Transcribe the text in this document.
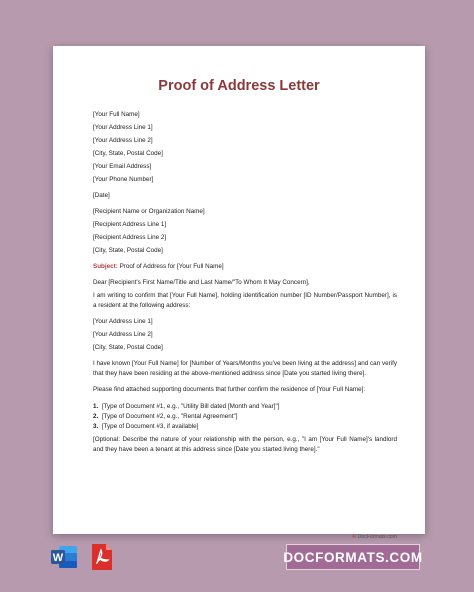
Proof of Address Letter
[Your Full Name]
[Your Address Line 1]
[Your Address Line 2]
[City, State, Postal Code]
[Your Email Address]
[Your Phone Number]
[Date]
[Recipient Name or Organization Name]
[Recipient Address Line 1]
[Recipient Address Line 2]
[City, State, Postal Code]
Subject: Proof of Address for [Your Full Name]
Dear [Recipient's First Name/Title and Last Name/"To Whom It May Concern],
I am writing to confirm that [Your Full Name], holding identification number [ID Number/Passport Number], is a resident at the following address:
[Your Address Line 1]
[Your Address Line 2]
[City, State, Postal Code]
I have known [Your Full Name] for [Number of Years/Months you've been living at the address] and can verify that they have been residing at the above-mentioned address since [Date you started living there].
Please find attached supporting documents that further confirm the residence of [Your Full Name]:
1. [Type of Document #1, e.g., "Utility Bill dated [Month and Year]"]
2. [Type of Document #2, e.g., "Rental Agreement"]
3. [Type of Document #3, if available]
[Optional: Describe the nature of your relationship with the person, e.g., "I am [Your Full Name]'s landlord and they have been a tenant at this address since [Date you started living there]."
© DocFormats.com
W	DOCFORMATS.COM
